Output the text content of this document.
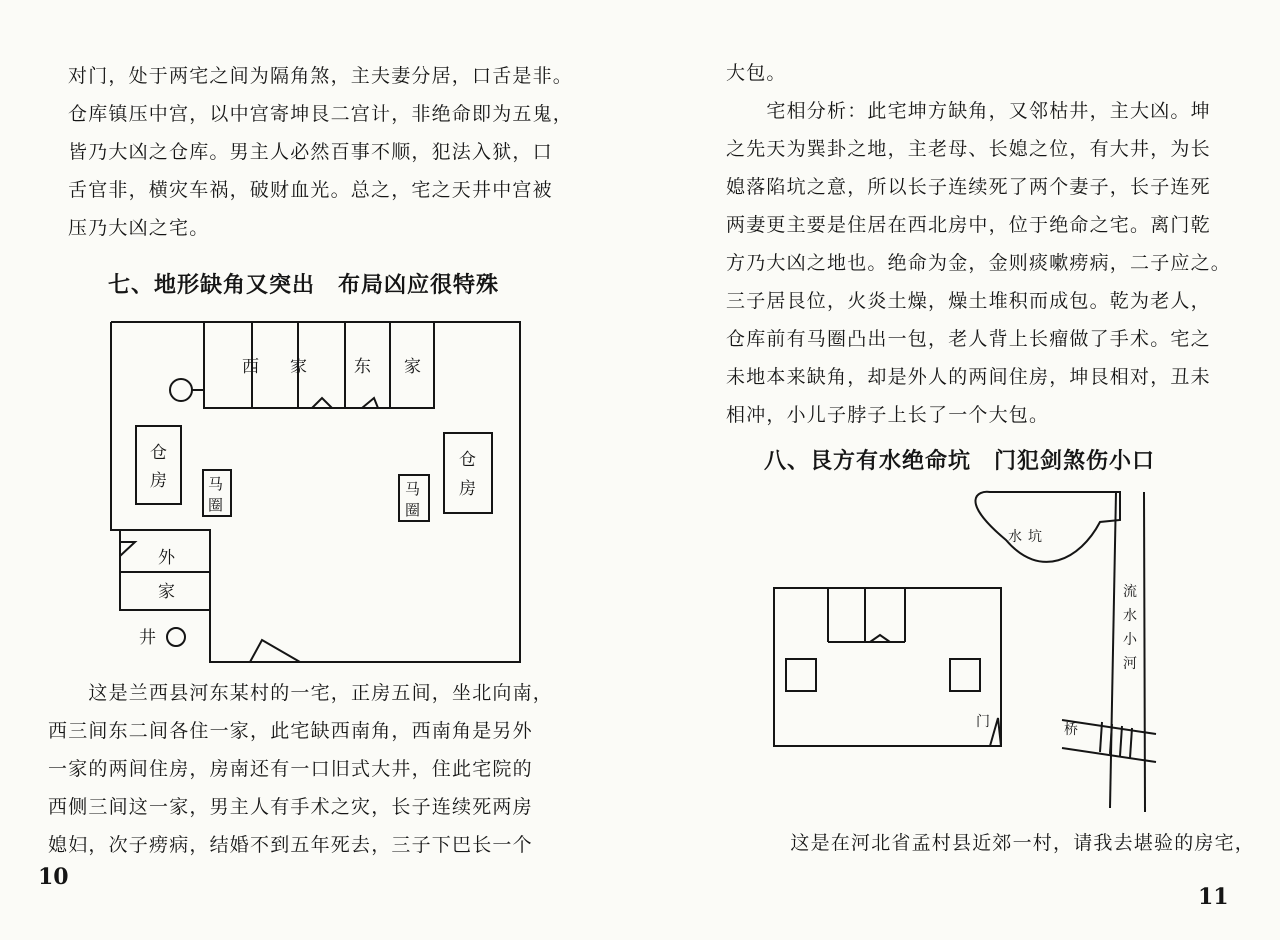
对门，处于两宅之间为隔角煞，主夫妻分居，口舌是非。
仓库镇压中宫，以中宫寄坤艮二宫计，非绝命即为五鬼，
皆乃大凶之仓库。男主人必然百事不顺，犯法入狱，口
舌官非，横灾车祸，破财血光。总之，宅之天井中宫被
压乃大凶之宅。
七、地形缺角又突出　布局凶应很特殊
西 家	东 家
仓
房
仓
房
马
圈
马
圈
外
家
井
　　这是兰西县河东某村的一宅，正房五间，坐北向南，
西三间东二间各住一家，此宅缺西南角，西南角是另外
一家的两间住房，房南还有一口旧式大井，住此宅院的
西侧三间这一家，男主人有手术之灾，长子连续死两房
媳妇，次子痨病，结婚不到五年死去，三子下巴长一个
10
大包。
　　宅相分析：此宅坤方缺角，又邻枯井，主大凶。坤
之先天为巽卦之地，主老母、长媳之位，有大井，为长
媳落陷坑之意，所以长子连续死了两个妻子，长子连死
两妻更主要是住居在西北房中，位于绝命之宅。离门乾
方乃大凶之地也。绝命为金，金则痰嗽痨病，二子应之。
三子居艮位，火炎土燥，燥土堆积而成包。乾为老人，
仓库前有马圈凸出一包，老人背上长瘤做了手术。宅之
未地本来缺角，却是外人的两间住房，坤艮相对，丑未
相冲，小儿子脖子上长了一个大包。
八、艮方有水绝命坑　门犯剑煞伤小口
水 坑
流
水
小
河
桥
门
　　这是在河北省孟村县近郊一村，请我去堪验的房宅，
11
